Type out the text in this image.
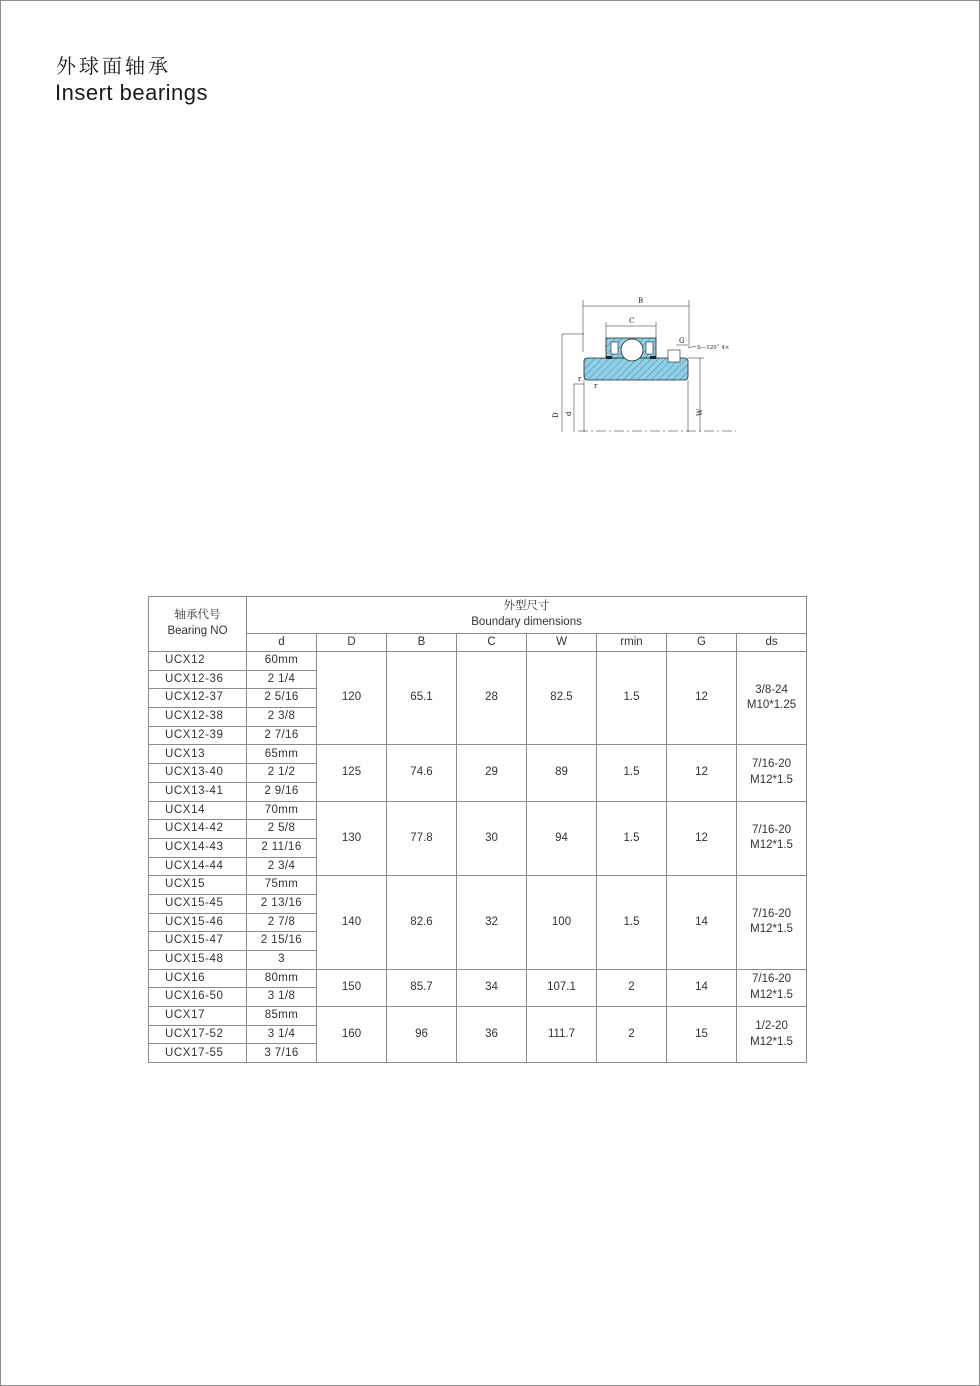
外球面轴承
Insert bearings
B
C
G
S—120˚ 4×
r
r
D d	W
轴承代号
Bearing NO	外型尺寸
Boundary dimensions							

	d	D	B	C	W	rmin	G	ds
UCX12	60mm	120	65.1	28	82.5	1.5	12	3/8-24
M10*1.25

UCX12-36	2 1/4							
UCX12-37	2 5/16							
UCX12-38	2 3/8							
UCX12-39	2 7/16							
UCX13	65mm	125	74.6	29	89	1.5	12	7/16-20
M12*1.5

UCX13-40	2 1/2							
UCX13-41	2 9/16							
UCX14	70mm	130	77.8	30	94	1.5	12	7/16-20
M12*1.5

UCX14-42	2 5/8							
UCX14-43	2 11/16							
UCX14-44	2 3/4							
UCX15	75mm	140	82.6	32	100	1.5	14	7/16-20
M12*1.5

UCX15-45	2 13/16							
UCX15-46	2 7/8							
UCX15-47	2 15/16							
UCX15-48	3							
UCX16	80mm	150	85.7	34	107.1	2	14	7/16-20
M12*1.5

UCX16-50	3 1/8							
UCX17	85mm	160	96	36	111.7	2	15	1/2-20
M12*1.5

UCX17-52	3 1/4							
UCX17-55	3 7/16							
